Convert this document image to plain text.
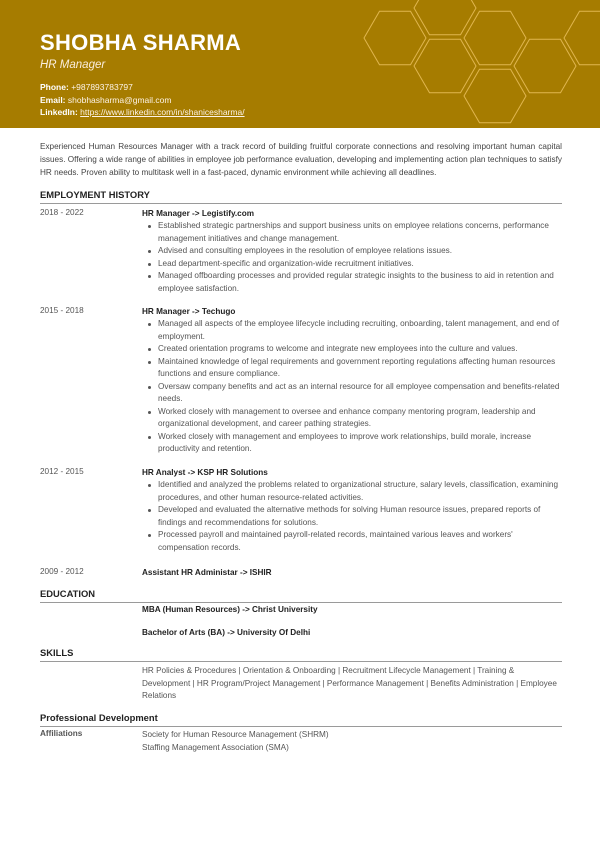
SHOBHA SHARMA
HR Manager
Phone: +987893783797
Email: shobhasharma@gmail.com
LinkedIn: https://www.linkedin.com/in/shanicesharma/
Experienced Human Resources Manager with a track record of building fruitful corporate connections and resolving important human capital issues. Offering a wide range of abilities in employee job performance evaluation, developing and implementing action plan techniques to satisfy HR needs. Proven ability to multitask well in a fast-paced, dynamic environment while achieving all deadlines.
EMPLOYMENT HISTORY
2018 - 2022	HR Manager -> Legistify.com
Established strategic partnerships and support business units on employee relations concerns, performance management initiatives and change management.
Advised and consulting employees in the resolution of employee relations issues.
Lead department-specific and organization-wide recruitment initiatives.
Managed offboarding processes and provided regular strategic insights to the business to aid in retention and employee satisfaction.
2015 - 2018	HR Manager -> Techugo
Managed all aspects of the employee lifecycle including recruiting, onboarding, talent management, and end of employment.
Created orientation programs to welcome and integrate new employees into the culture and values.
Maintained knowledge of legal requirements and government reporting regulations affecting human resources functions and ensure compliance.
Oversaw company benefits and act as an internal resource for all employee compensation and benefits-related needs.
Worked closely with management to oversee and enhance company mentoring program, leadership and organizational development, and career pathing strategies.
Worked closely with management and employees to improve work relationships, build morale, increase productivity and retention.
2012 - 2015	HR Analyst -> KSP HR Solutions
Identified and analyzed the problems related to organizational structure, salary levels, classification, examining procedures, and other human resource-related activities.
Developed and evaluated the alternative methods for solving Human resource issues, prepared reports of findings and recommendations for solutions.
Processed payroll and maintained payroll-related records, maintained various leaves and workers' compensation records.
2009 - 2012	Assistant HR Administar -> ISHIR
EDUCATION
MBA (Human Resources) -> Christ University
Bachelor of Arts (BA) -> University Of Delhi
SKILLS
HR Policies & Procedures | Orientation & Onboarding | Recruitment Lifecycle Management | Training & Development | HR Program/Project Management | Performance Management | Benefits Administration | Employee Relations
Professional Development
Affiliations	Society for Human Resource Management (SHRM)
Staffing Management Association (SMA)
